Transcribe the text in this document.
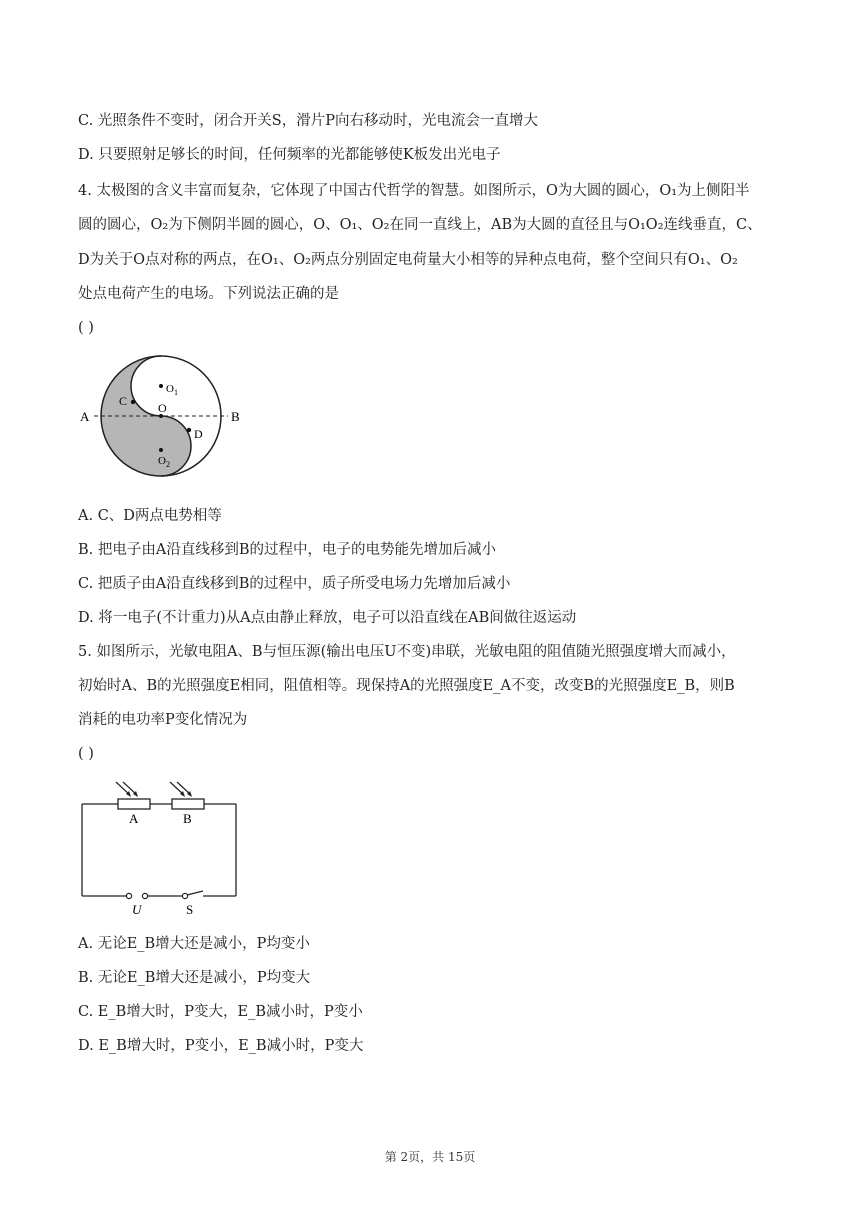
C. 光照条件不变时，闭合开关S，滑片P向右移动时，光电流会一直增大
D. 只要照射足够长的时间，任何频率的光都能够使K板发出光电子
4. 太极图的含义丰富而复杂，它体现了中国古代哲学的智慧。如图所示，O为大圆的圆心，O₁为上侧阳半
圆的圆心，O₂为下侧阴半圆的圆心，O、O₁、O₂在同一直线上，AB为大圆的直径且与O₁O₂连线垂直，C、
D为关于O点对称的两点，在O₁、O₂两点分别固定电荷量大小相等的异种点电荷，整个空间只有O₁、O₂
处点电荷产生的电场。下列说法正确的是
( )
A	B
C
D
O
$O_1$
$O_2$
A. C、D两点电势相等
B. 把电子由A沿直线移到B的过程中，电子的电势能先增加后减小
C. 把质子由A沿直线移到B的过程中，质子所受电场力先增加后减小
D. 将一电子(不计重力)从A点由静止释放，电子可以沿直线在AB间做往返运动
5. 如图所示，光敏电阻A、B与恒压源(输出电压U不变)串联，光敏电阻的阻值随光照强度增大而减小，
初始时A、B的光照强度E相同，阻值相等。现保持A的光照强度E_A不变，改变B的光照强度E_B，则B
消耗的电功率P变化情况为
( )
A	B
U	S
A. 无论E_B增大还是减小，P均变小
B. 无论E_B增大还是减小，P均变大
C. E_B增大时，P变大，E_B减小时，P变小
D. E_B增大时，P变小，E_B减小时，P变大
第 2页，共 15页
